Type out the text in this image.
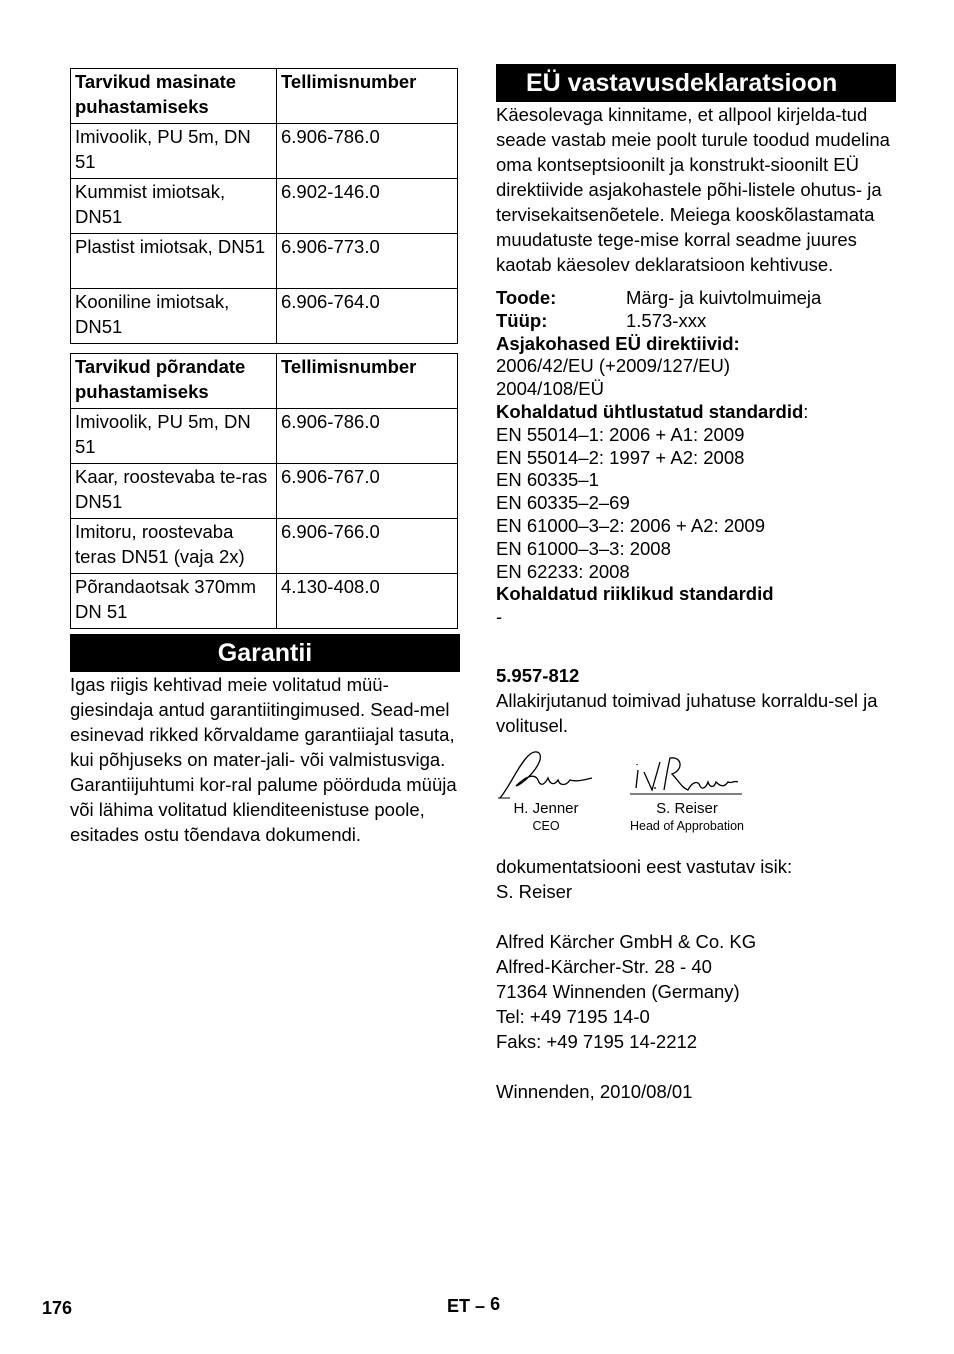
Tarvikud masinate puhastamiseks	Tellimisnumber
Imivoolik, PU 5m, DN 51	6.906-786.0
Kummist imiotsak, DN51	6.902-146.0
Plastist imiotsak, DN51	6.906-773.0
Kooniline imiotsak, DN51	6.906-764.0
Tarvikud põrandate puhastamiseks	Tellimisnumber
Imivoolik, PU 5m, DN 51	6.906-786.0
Kaar, roostevaba te-ras DN51	6.906-767.0
Imitoru, roostevaba teras DN51 (vaja 2x)	6.906-766.0
Põrandaotsak 370mm DN 51	4.130-408.0
Garantii

Igas riigis kehtivad meie volitatud müü-giesindaja antud garantiitingimused. Sead-mel esinevad rikked kõrvaldame garantiiajal tasuta, kui põhjuseks on mater-jali- või valmistusviga. Garantiijuhtumi kor-ral palume pöörduda müüja või lähima volitatud klienditeenistuse poole, esitades ostu tõendava dokumendi.

EÜ vastavusdeklaratsioon

Käesolevaga kinnitame, et allpool kirjelda-tud seade vastab meie poolt turule toodud mudelina oma kontseptsioonilt ja konstrukt-sioonilt EÜ direktiivide asjakohastele põhi-listele ohutus- ja tervisekaitsenõetele. Meiega kooskõlastamata muudatuste tege-mise korral seadme juures kaotab käesolev deklaratsioon kehtivuse.

Toode:	Märg- ja kuivtolmuimeja
Tüüp:	1.573-xxx
Asjakohased EÜ direktiivid:
2006/42/EU (+2009/127/EU)
2004/108/EÜ
Kohaldatud ühtlustatud standardid:
EN 55014–1: 2006 + A1: 2009
EN 55014–2: 1997 + A2: 2008
EN 60335–1
EN 60335–2–69
EN 61000–3–2: 2006 + A2: 2009
EN 61000–3–3: 2008
EN 62233: 2008
Kohaldatud riiklikud standardid
-
5.957-812

Allakirjutanud toimivad juhatuse korraldu-sel ja volitusel.

H. Jenner
CEO
S. Reiser
Head of Approbation

dokumentatsiooni eest vastutav isik:

S. Reiser

Alfred Kärcher GmbH & Co. KG

Alfred-Kärcher-Str. 28 - 40

71364 Winnenden (Germany)

Tel: +49 7195 14-0

Faks: +49 7195 14-2212

Winnenden, 2010/08/01

176	ET – 6
